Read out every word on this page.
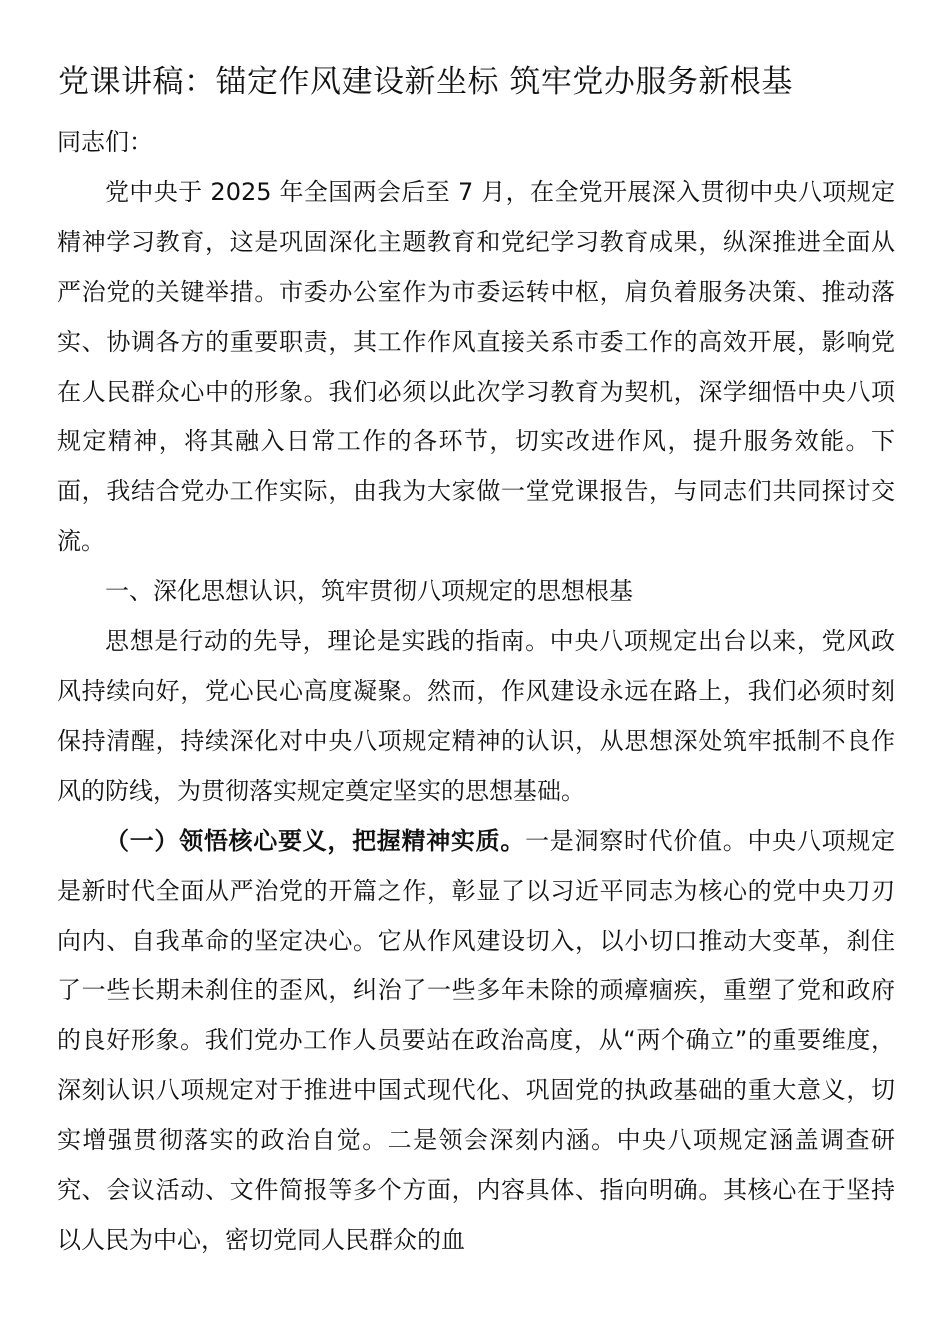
党课讲稿：锚定作风建设新坐标 筑牢党办服务新根基

同志们：

党中央于 2025 年全国两会后至 7 月，在全党开展深入贯彻中央八项规定精神学习教育，这是巩固深化主题教育和党纪学习教育成果，纵深推进全面从严治党的关键举措。市委办公室作为市委运转中枢，肩负着服务决策、推动落实、协调各方的重要职责，其工作作风直接关系市委工作的高效开展，影响党在人民群众心中的形象。我们必须以此次学习教育为契机，深学细悟中央八项规定精神，将其融入日常工作的各环节，切实改进作风，提升服务效能。下面，我结合党办工作实际，由我为大家做一堂党课报告，与同志们共同探讨交流。

一、深化思想认识，筑牢贯彻八项规定的思想根基

思想是行动的先导，理论是实践的指南。中央八项规定出台以来，党风政风持续向好，党心民心高度凝聚。然而，作风建设永远在路上，我们必须时刻保持清醒，持续深化对中央八项规定精神的认识，从思想深处筑牢抵制不良作风的防线，为贯彻落实规定奠定坚实的思想基础。

（一）领悟核心要义，把握精神实质。一是洞察时代价值。中央八项规定是新时代全面从严治党的开篇之作，彰显了以习近平同志为核心的党中央刀刃向内、自我革命的坚定决心。它从作风建设切入，以小切口推动大变革，刹住了一些长期未刹住的歪风，纠治了一些多年未除的顽瘴痼疾，重塑了党和政府的良好形象。我们党办工作人员要站在政治高度，从“两个确立”的重要维度，深刻认识八项规定对于推进中国式现代化、巩固党的执政基础的重大意义，切实增强贯彻落实的政治自觉。二是领会深刻内涵。中央八项规定涵盖调查研究、会议活动、文件简报等多个方面，内容具体、指向明确。其核心在于坚持以人民为中心，密切党同人民群众的血
